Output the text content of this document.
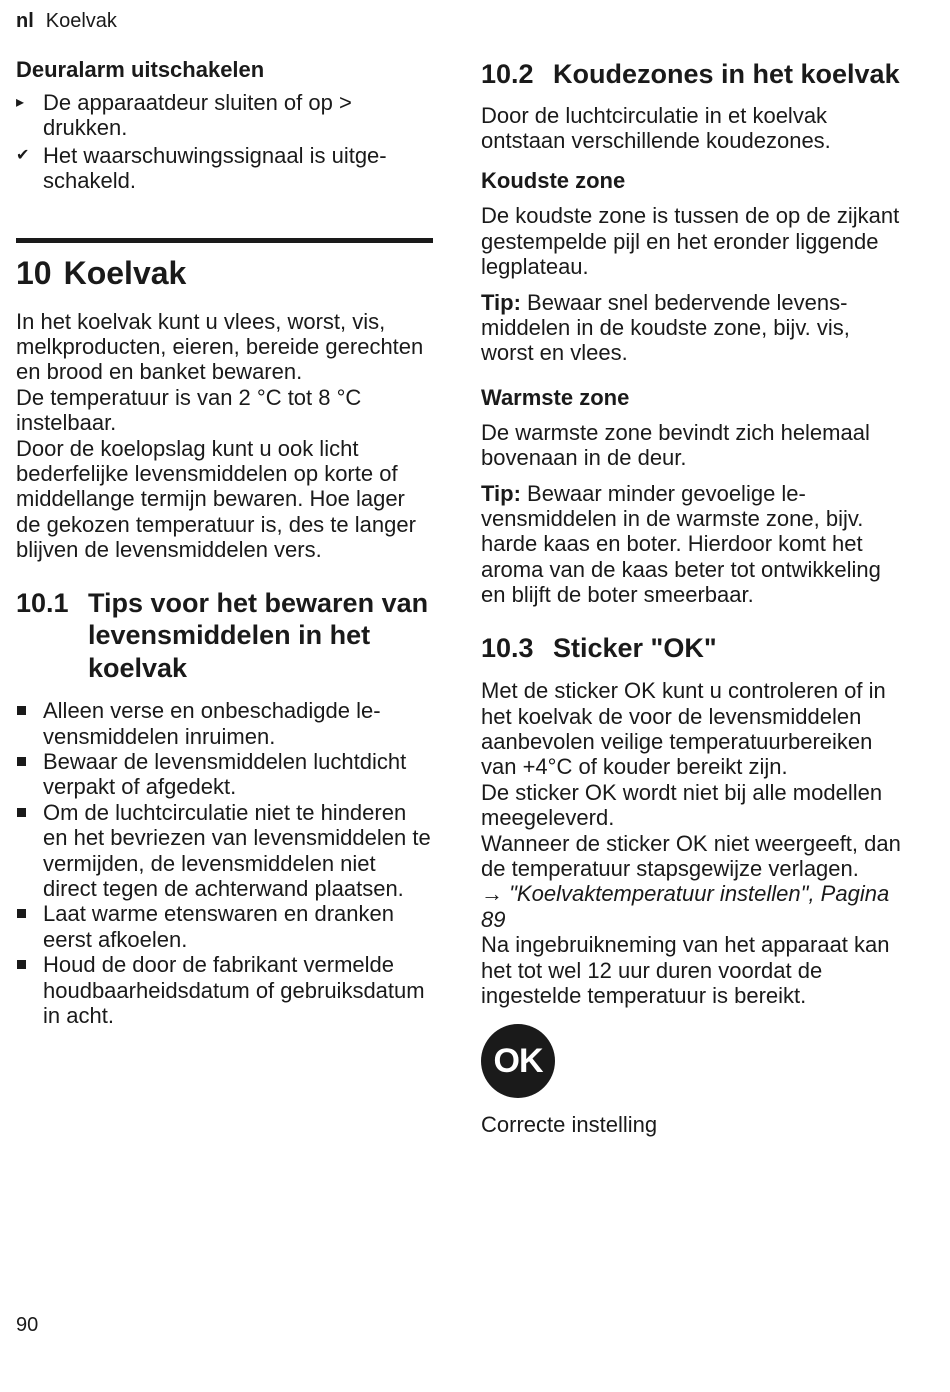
nl Koelvak
Deuralarm uitschakelen
▸ De apparaatdeur sluiten of op > drukken.
✔ Het waarschuwingssignaal is uitgeschakeld.
10 Koelvak

In het koelvak kunt u vlees, worst, vis, melkproducten, eieren, bereide gerechten en brood en banket bewaren.

De temperatuur is van 2 °C tot 8 °C instelbaar.

Door de koelopslag kunt u ook licht bederfelijke levensmiddelen op korte of middellange termijn bewaren. Hoe lager de gekozen temperatuur is, des te langer blijven de levensmiddelen vers.

10.1 Tips voor het bewaren van levensmiddelen in het koelvak
Alleen verse en onbeschadigde levensmiddelen inruimen.
Bewaar de levensmiddelen luchtdicht verpakt of afgedekt.
Om de luchtcirculatie niet te hinderen en het bevriezen van levensmiddelen te vermijden, de levensmiddelen niet direct tegen de achterwand plaatsen.
Laat warme etenswaren en dranken eerst afkoelen.
Houd de door de fabrikant vermelde houdbaarheidsdatum of gebruiksdatum in acht.
10.2 Koudezones in het koelvak

Door de luchtcirculatie in et koelvak ontstaan verschillende koudezones.

Koudste zone

De koudste zone is tussen de op de zijkant gestempelde pijl en het eronder liggende legplateau.

Tip: Bewaar snel bedervende levensmiddelen in de koudste zone, bijv. vis, worst en vlees.

Warmste zone

De warmste zone bevindt zich helemaal bovenaan in de deur.

Tip: Bewaar minder gevoelige levensmiddelen in de warmste zone, bijv. harde kaas en boter. Hierdoor komt het aroma van de kaas beter tot ontwikkeling en blijft de boter smeerbaar.

10.3 Sticker "OK"

Met de sticker OK kunt u controleren of in het koelvak de voor de levensmiddelen aanbevolen veilige temperatuurbereiken van +4°C of kouder bereikt zijn.

De sticker OK wordt niet bij alle modellen meegeleverd.

Wanneer de sticker OK niet weergeeft, dan de temperatuur stapsgewijze verlagen.

→ "Koelvaktemperatuur instellen", Pagina 89

Na ingebruikneming van het apparaat kan het tot wel 12 uur duren voordat de ingestelde temperatuur is bereikt.

OK

Correcte instelling

90
